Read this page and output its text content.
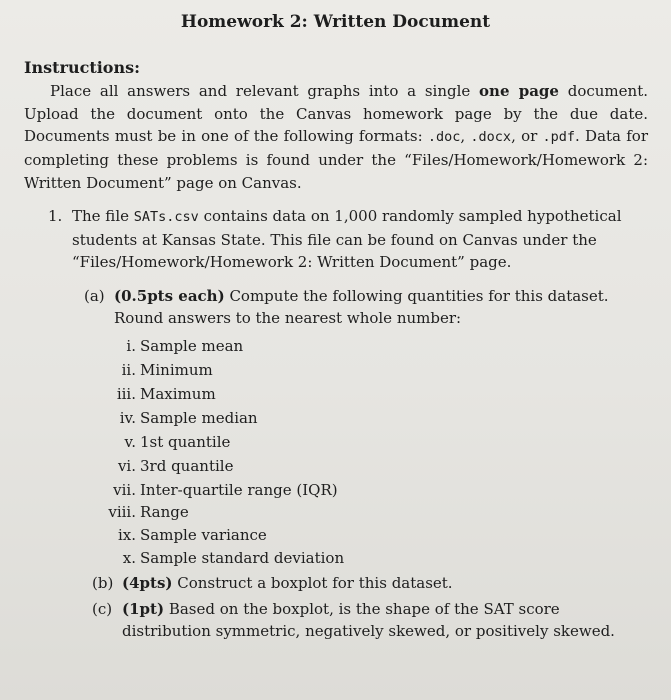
Homework 2: Written Document
Instructions:
Place all answers and relevant graphs into a single one page document. Upload the document onto the Canvas homework page by the due date. Documents must be in one of the following formats: .doc, .docx, or .pdf. Data for completing these problems is found under the “Files/Homework/Homework 2: Written Document” page on Canvas.
1. The file SATs.csv contains data on 1,000 randomly sampled hypothetical students at Kansas State. This file can be found on Canvas under the “Files/Homework/Homework 2: Written Document” page.
(a) (0.5pts each) Compute the following quantities for this dataset. Round answers to the nearest whole number:
i. Sample mean
ii. Minimum
iii. Maximum
iv. Sample median
v. 1st quantile
vi. 3rd quantile
vii. Inter-quartile range (IQR)
viii. Range
ix. Sample variance
x. Sample standard deviation
(b) (4pts) Construct a boxplot for this dataset.
(c) (1pt) Based on the boxplot, is the shape of the SAT score distribution symmetric, negatively skewed, or positively skewed.
